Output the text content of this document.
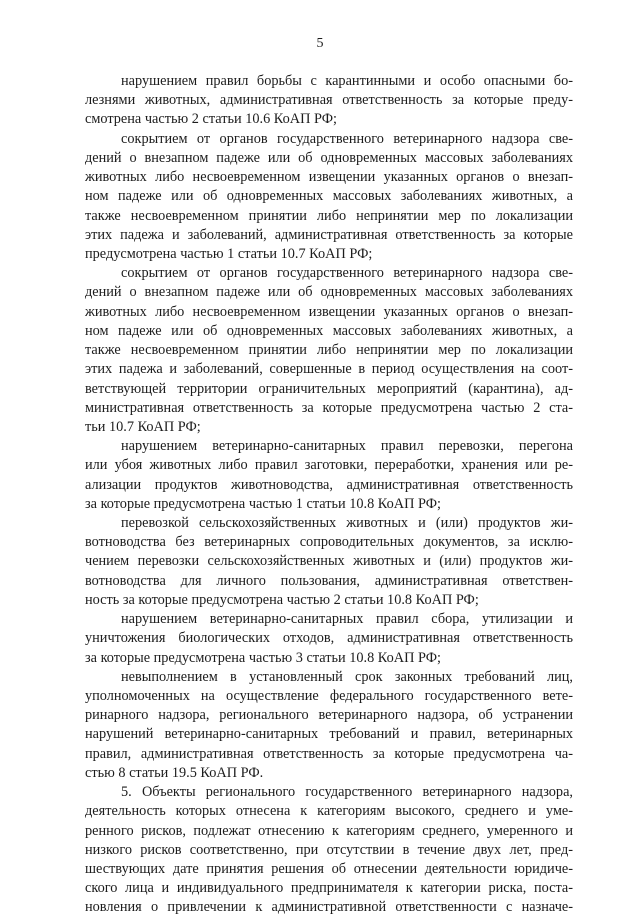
5
нарушением правил борьбы с карантинными и особо опасными бо-
лезнями животных, административная ответственность за которые преду-
смотрена частью 2 статьи 10.6 КоАП РФ;
сокрытием от органов государственного ветеринарного надзора све-
дений о внезапном падеже или об одновременных массовых заболеваниях
животных либо несвоевременном извещении указанных органов о внезап-
ном падеже или об одновременных массовых заболеваниях животных, а
также несвоевременном принятии либо непринятии мер по локализации
этих падежа и заболеваний, административная ответственность за которые
предусмотрена частью 1 статьи 10.7 КоАП РФ;
сокрытием от органов государственного ветеринарного надзора све-
дений о внезапном падеже или об одновременных массовых заболеваниях
животных либо несвоевременном извещении указанных органов о внезап-
ном падеже или об одновременных массовых заболеваниях животных, а
также несвоевременном принятии либо непринятии мер по локализации
этих падежа и заболеваний, совершенные в период осуществления на соот-
ветствующей территории ограничительных мероприятий (карантина), ад-
министративная ответственность за которые предусмотрена частью 2 ста-
тьи 10.7 КоАП РФ;
нарушением ветеринарно-санитарных правил перевозки, перегона
или убоя животных либо правил заготовки, переработки, хранения или ре-
ализации продуктов животноводства, административная ответственность
за которые предусмотрена частью 1 статьи 10.8 КоАП РФ;
перевозкой сельскохозяйственных животных и (или) продуктов жи-
вотноводства без ветеринарных сопроводительных документов, за исклю-
чением перевозки сельскохозяйственных животных и (или) продуктов жи-
вотноводства для личного пользования, административная ответствен-
ность за которые предусмотрена частью 2 статьи 10.8 КоАП РФ;
нарушением ветеринарно-санитарных правил сбора, утилизации и
уничтожения биологических отходов, административная ответственность
за которые предусмотрена частью 3 статьи 10.8 КоАП РФ;
невыполнением в установленный срок законных требований лиц,
уполномоченных на осуществление федерального государственного вете-
ринарного надзора, регионального ветеринарного надзора, об устранении
нарушений ветеринарно-санитарных требований и правил, ветеринарных
правил, административная ответственность за которые предусмотрена ча-
стью 8 статьи 19.5 КоАП РФ.
5. Объекты регионального государственного ветеринарного надзора,
деятельность которых отнесена к категориям высокого, среднего и уме-
ренного рисков, подлежат отнесению к категориям среднего, умеренного и
низкого рисков соответственно, при отсутствии в течение двух лет, пред-
шествующих дате принятия решения об отнесении деятельности юридиче-
ского лица и индивидуального предпринимателя к категории риска, поста-
новления о привлечении к административной ответственности с назначе-
